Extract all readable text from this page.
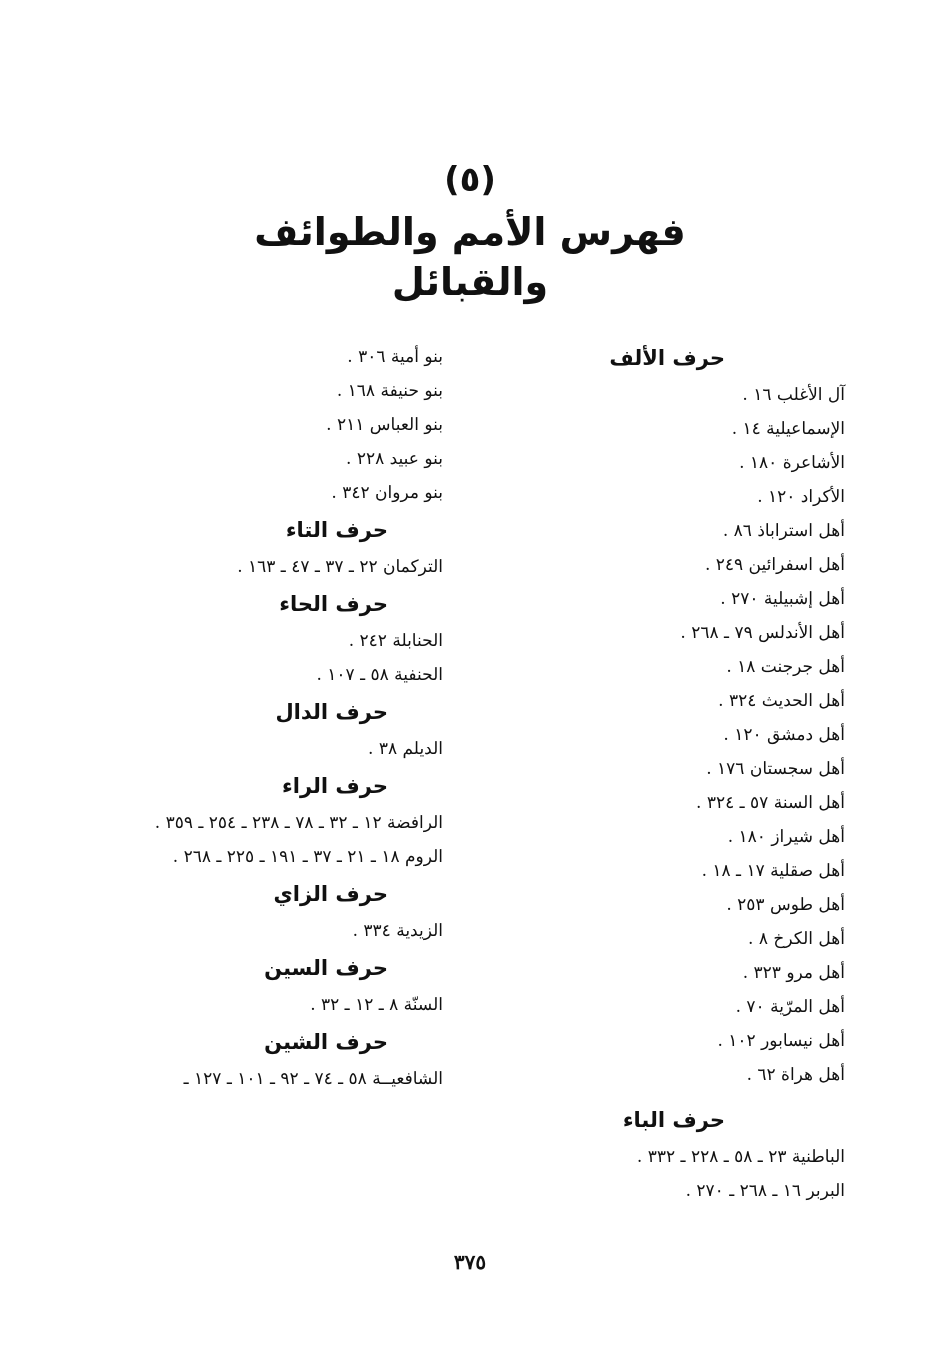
(٥)
فهرس الأمم والطوائف
والقبائل
حرف الألف
آل الأغلب ١٦ .
الإسماعيلية ١٤ .
الأشاعرة ١٨٠ .
الأكراد ١٢٠ .
أهل استراباذ ٨٦ .
أهل اسفرائين ٢٤٩ .
أهل إشبيلية ٢٧٠ .
أهل الأندلس ٧٩ ـ ٢٦٨ .
أهل جرجنت ١٨ .
أهل الحديث ٣٢٤ .
أهل دمشق ١٢٠ .
أهل سجستان ١٧٦ .
أهل السنة ٥٧ ـ ٣٢٤ .
أهل شيراز ١٨٠ .
أهل صقلية ١٧ ـ ١٨ .
أهل طوس ٢٥٣ .
أهل الكرخ ٨ .
أهل مرو ٣٢٣ .
أهل المرّية ٧٠ .
أهل نيسابور ١٠٢ .
أهل هراة ٦٢ .
حرف الباء
الباطنية ٢٣ ـ ٥٨ ـ ٢٢٨ ـ ٣٣٢ .
البربر ١٦ ـ ٢٦٨ ـ ٢٧٠ .
بنو أمية ٣٠٦ .
بنو حنيفة ١٦٨ .
بنو العباس ٢١١ .
بنو عبيد ٢٢٨ .
بنو مروان ٣٤٢ .
حرف التاء
التركمان ٢٢ ـ ٣٧ ـ ٤٧ ـ ١٦٣ .
حرف الحاء
الحنابلة ٢٤٢ .
الحنفية ٥٨ ـ ١٠٧ .
حرف الدال
الديلم ٣٨ .
حرف الراء
الرافضة ١٢ ـ ٣٢ ـ ٧٨ ـ ٢٣٨ ـ ٢٥٤ ـ ٣٥٩ .
الروم ١٨ ـ ٢١ ـ ٣٧ ـ ١٩١ ـ ٢٢٥ ـ ٢٦٨ .
حرف الزاي
الزيدية ٣٣٤ .
حرف السين
السنّة ٨ ـ ١٢ ـ ٣٢ .
حرف الشين
الشافعيــة ٥٨ ـ ٧٤ ـ ٩٢ ـ ١٠١ ـ ١٢٧ ـ
٣٧٥
